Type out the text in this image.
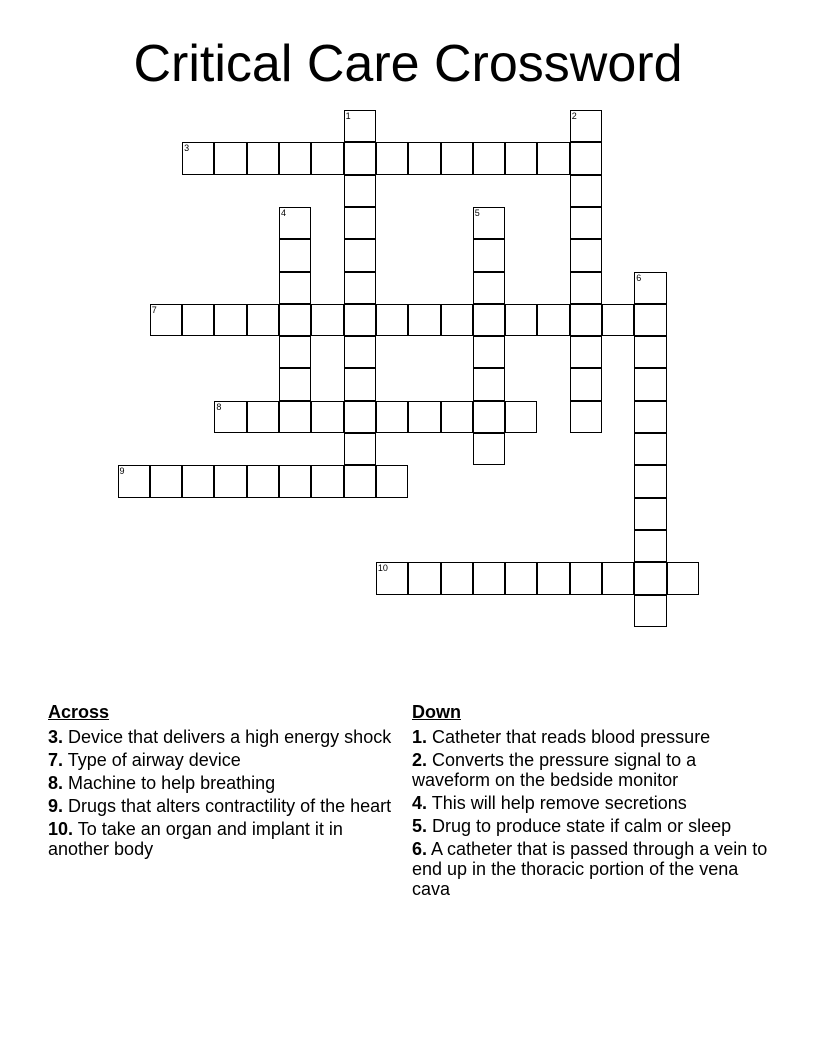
Critical Care Crossword
1	2
3
4	5
6
7
8
9
10
Across
3. Device that delivers a high energy shock
7. Type of airway device
8. Machine to help breathing
9. Drugs that alters contractility of the heart
10. To take an organ and implant it in another body
Down
1. Catheter that reads blood pressure
2. Converts the pressure signal to a waveform on the bedside monitor
4. This will help remove secretions
5. Drug to produce state if calm or sleep
6. A catheter that is passed through a vein to end up in the thoracic portion of the vena cava
